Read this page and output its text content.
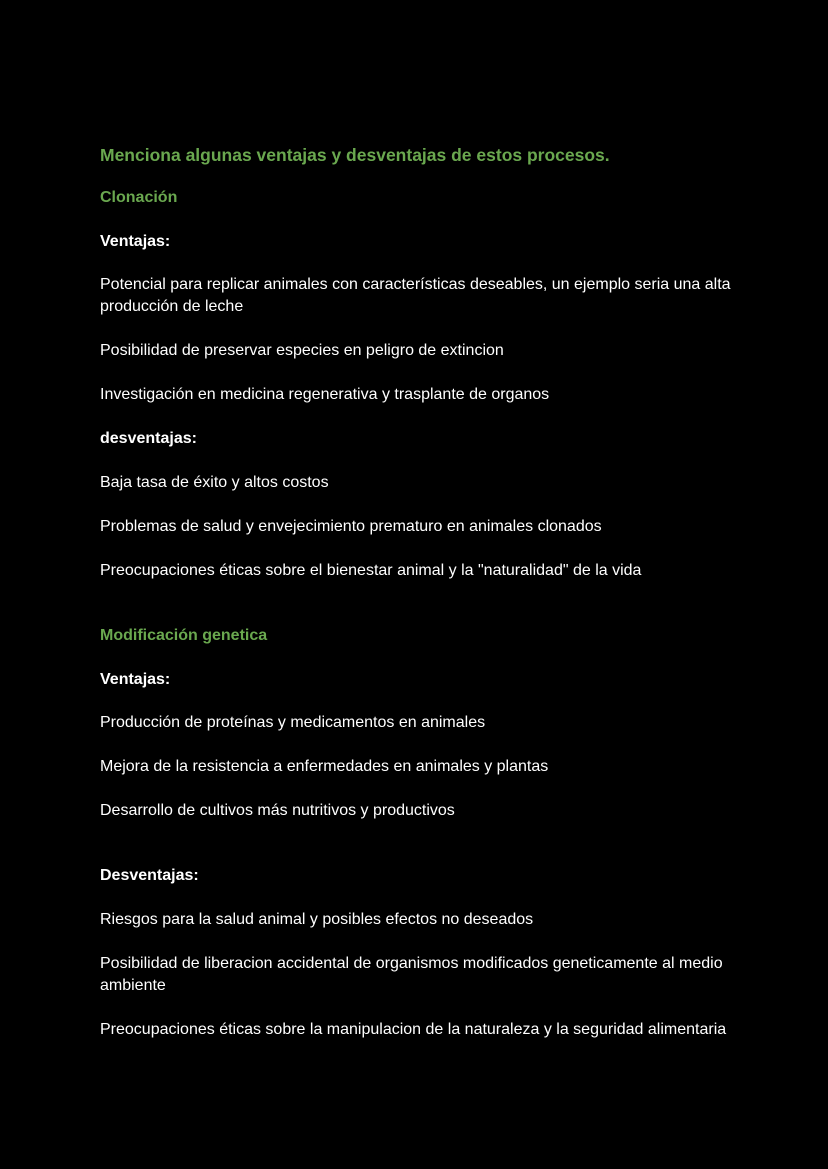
Menciona algunas ventajas y desventajas de estos procesos.

Clonación

Ventajas:

Potencial para replicar animales con características deseables, un ejemplo seria una alta producción de leche

Posibilidad de preservar especies en peligro de extincion

Investigación en medicina regenerativa y trasplante de organos

desventajas:

Baja tasa de éxito y altos costos

Problemas de salud y envejecimiento prematuro en animales clonados

Preocupaciones éticas sobre el bienestar animal y la "naturalidad" de la vida

Modificación genetica

Ventajas:

Producción de proteínas y medicamentos en animales

Mejora de la resistencia a enfermedades en animales y plantas

Desarrollo de cultivos más nutritivos y productivos

Desventajas:

Riesgos para la salud animal y posibles efectos no deseados

Posibilidad de liberacion accidental de organismos modificados geneticamente al medio ambiente

Preocupaciones éticas sobre la manipulacion de la naturaleza y la seguridad alimentaria
